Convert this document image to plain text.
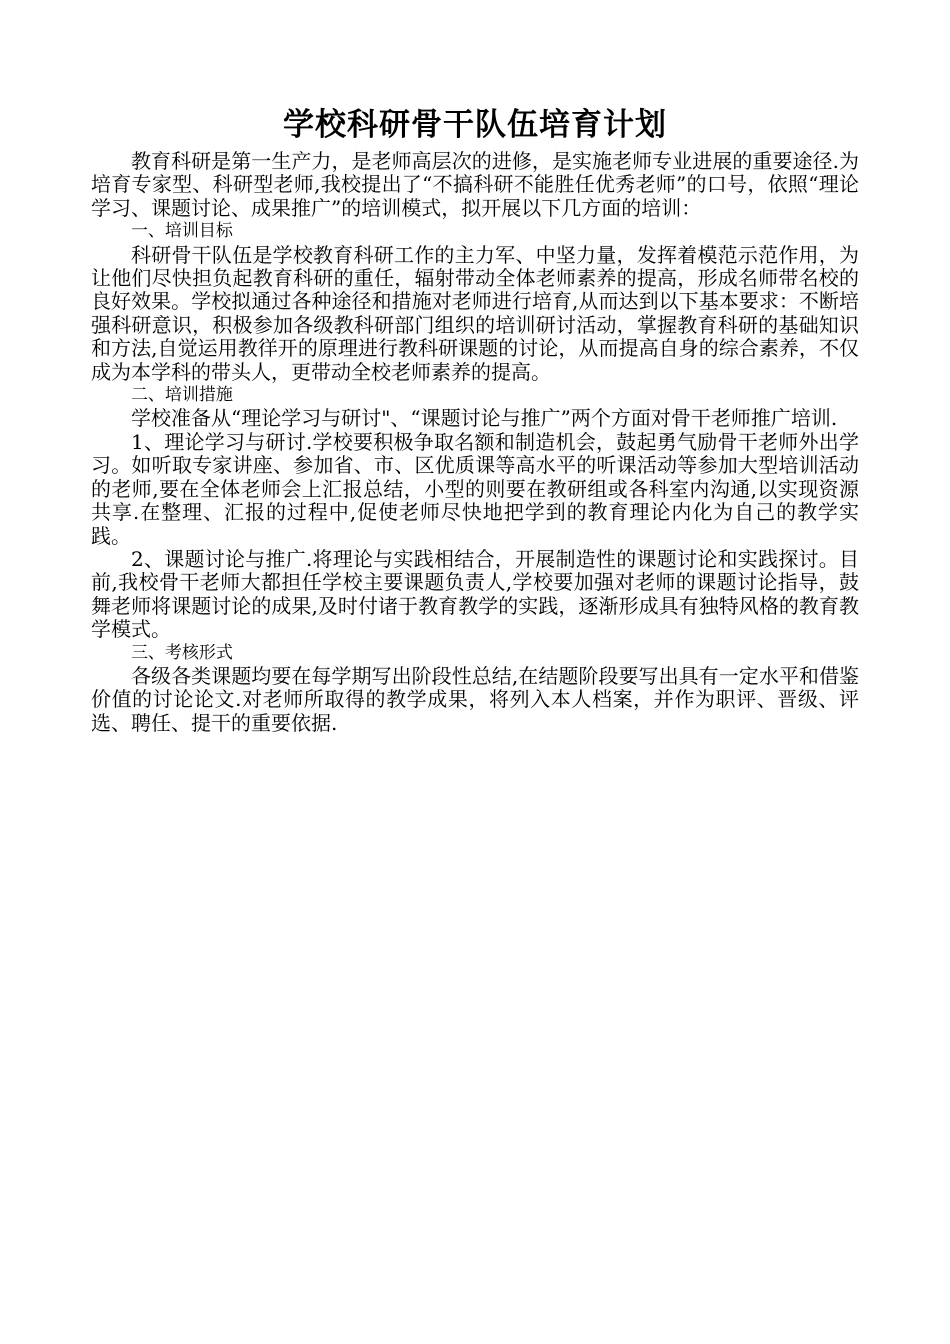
学校科研骨干队伍培育计划

教育科研是第一生产力，是老师高层次的进修，是实施老师专业进展的重要途径.为培育专家型、科研型老师,我校提出了“不搞科研不能胜任优秀老师”的口号，依照“理论学习、课题讨论、成果推广”的培训模式，拟开展以下几方面的培训：

一、培训目标

科研骨干队伍是学校教育科研工作的主力军、中坚力量，发挥着模范示范作用，为让他们尽快担负起教育科研的重任，辐射带动全体老师素养的提高，形成名师带名校的良好效果。学校拟通过各种途径和措施对老师进行培育,从而达到以下基本要求：不断培强科研意识，积极参加各级教科研部门组织的培训研讨活动，掌握教育科研的基础知识和方法,自觉运用教徉开的原理进行教科研课题的讨论，从而提高自身的综合素养，不仅成为本学科的带头人，更带动全校老师素养的提高。

二、培训措施

学校准备从“理论学习与研讨"、“课题讨论与推广”两个方面对骨干老师推广培训.

1、理论学习与研讨.学校要积极争取名额和制造机会，鼓起勇气励骨干老师外出学习。如听取专家讲座、参加省、市、区优质课等高水平的听课活动等参加大型培训活动的老师,要在全体老师会上汇报总结，小型的则要在教研组或各科室内沟通,以实现资源共享.在整理、汇报的过程中,促使老师尽快地把学到的教育理论内化为自己的教学实践。

2、课题讨论与推广.将理论与实践相结合，开展制造性的课题讨论和实践探讨。目前,我校骨干老师大都担任学校主要课题负责人,学校要加强对老师的课题讨论指导，鼓舞老师将课题讨论的成果,及时付诸于教育教学的实践，逐渐形成具有独特风格的教育教学模式。

三、考核形式

各级各类课题均要在每学期写出阶段性总结,在结题阶段要写出具有一定水平和借鉴价值的讨论论文.对老师所取得的教学成果，将列入本人档案，并作为职评、晋级、评选、聘任、提干的重要依据.
